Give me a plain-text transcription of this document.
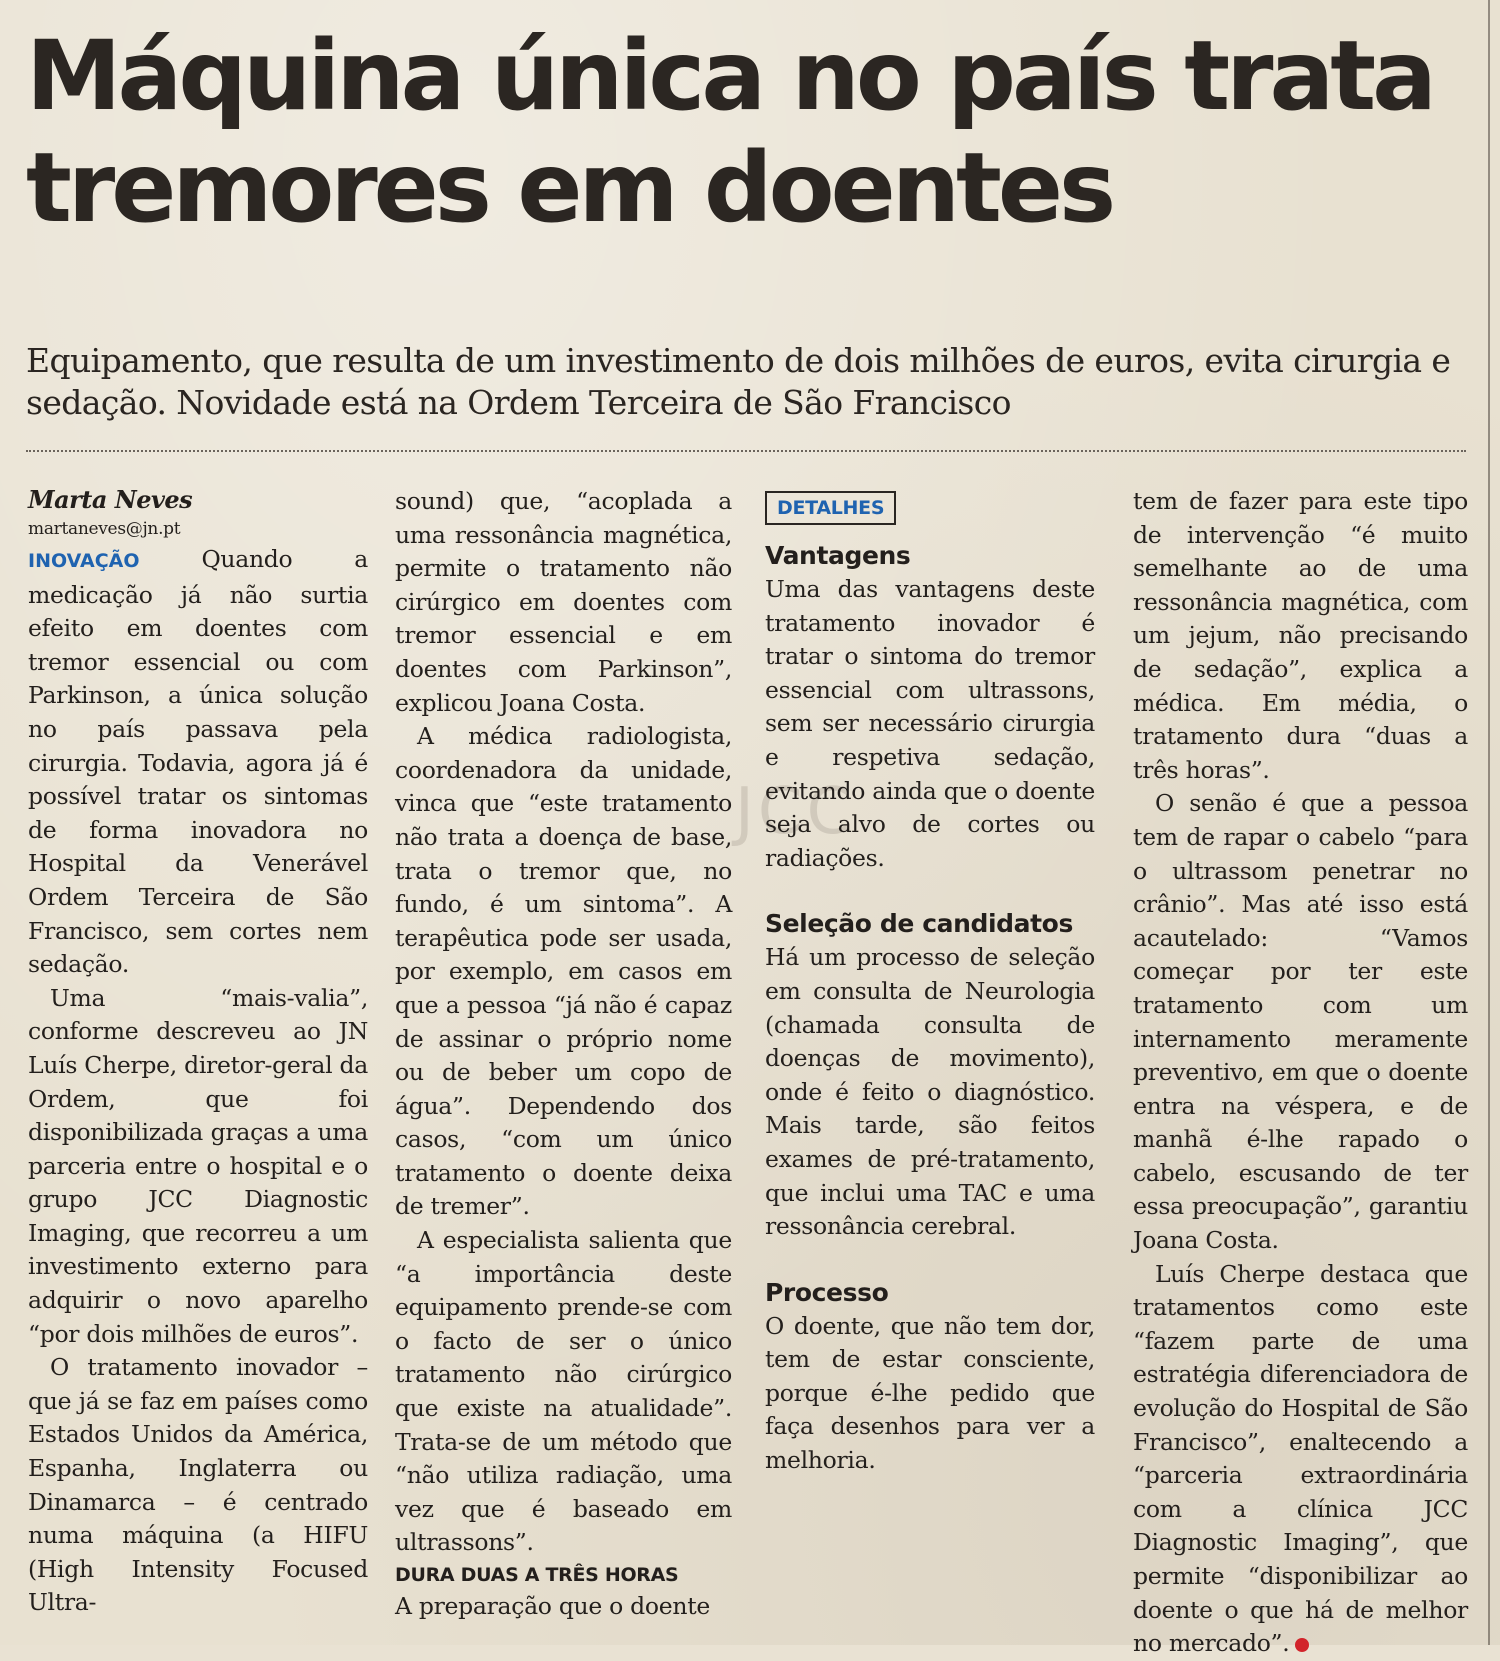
Máquina única no país trata tremores em doentes

Equipamento, que resulta de um investimento de dois milhões de euros, evita cirurgia e sedação. Novidade está na Ordem Terceira de São Francisco

JCC

Marta Neves

martaneves@jn.pt

INOVAÇÃO	Quando a medicação já não surtia efeito em doentes com tremor essencial ou com Parkinson, a única solução no país passava pela cirurgia. Todavia, agora já é possível tratar os sintomas de forma inovadora no Hospital da Venerável Ordem Terceira de São Francisco, sem cortes nem sedação.

Uma “mais-valia”, conforme descreveu ao JN Luís Cherpe, diretor-geral da Ordem, que foi disponibilizada graças a uma parceria entre o hospital e o grupo JCC Diagnostic Imaging, que recorreu a um investimento externo para adquirir o novo aparelho “por dois milhões de euros”.

O tratamento inovador – que já se faz em países como Estados Unidos da América, Espanha, Inglaterra ou Dinamarca – é centrado numa máquina (a HIFU (High Intensity Focused Ultra-

sound) que, “acoplada a uma ressonância magnética, permite o tratamento não cirúrgico em doentes com tremor essencial e em doentes com Parkinson”, explicou Joana Costa.

A médica radiologista, coordenadora da unidade, vinca que “este tratamento não trata a doença de base, trata o tremor que, no fundo, é um sintoma”. A terapêutica pode ser usada, por exemplo, em casos em que a pessoa “já não é capaz de assinar o próprio nome ou de beber um copo de água”. Dependendo dos casos, “com um único tratamento o doente deixa de tremer”.

A especialista salienta que “a importância deste equipamento prende-se com o facto de ser o único tratamento não cirúrgico que existe na atualidade”. Trata-se de um método que “não utiliza radiação, uma vez que é baseado em ultrassons”.

DURA DUAS A TRÊS HORAS

A preparação que o doente

DETALHES
Vantagens

Uma das vantagens deste tratamento inovador é tratar o sintoma do tremor essencial com ultrassons, sem ser necessário cirurgia e respetiva sedação, evitando ainda que o doente seja alvo de cortes ou radiações.

Seleção de candidatos

Há um processo de seleção em consulta de Neurologia (chamada consulta de doenças de movimento), onde é feito o diagnóstico. Mais tarde, são feitos exames de pré-tratamento, que inclui uma TAC e uma ressonância cerebral.

Processo

O doente, que não tem dor, tem de estar consciente, porque é-lhe pedido que faça desenhos para ver a melhoria.

tem de fazer para este tipo de intervenção “é muito semelhante ao de uma ressonância magnética, com um jejum, não precisando de sedação”, explica a médica. Em média, o tratamento dura “duas a três horas”.

O senão é que a pessoa tem de rapar o cabelo “para o ultrassom penetrar no crânio”. Mas até isso está acautelado: “Vamos começar por ter este tratamento com um internamento meramente preventivo, em que o doente entra na véspera, e de manhã é-lhe rapado o cabelo, escusando de ter essa preocupação”, garantiu Joana Costa.

Luís Cherpe destaca que tratamentos como este “fazem parte de uma estratégia diferenciadora de evolução do Hospital de São Francisco”, enaltecendo a “parceria extraordinária com a clínica JCC Diagnostic Imaging”, que permite “disponibilizar ao doente o que há de melhor no mercado”.
